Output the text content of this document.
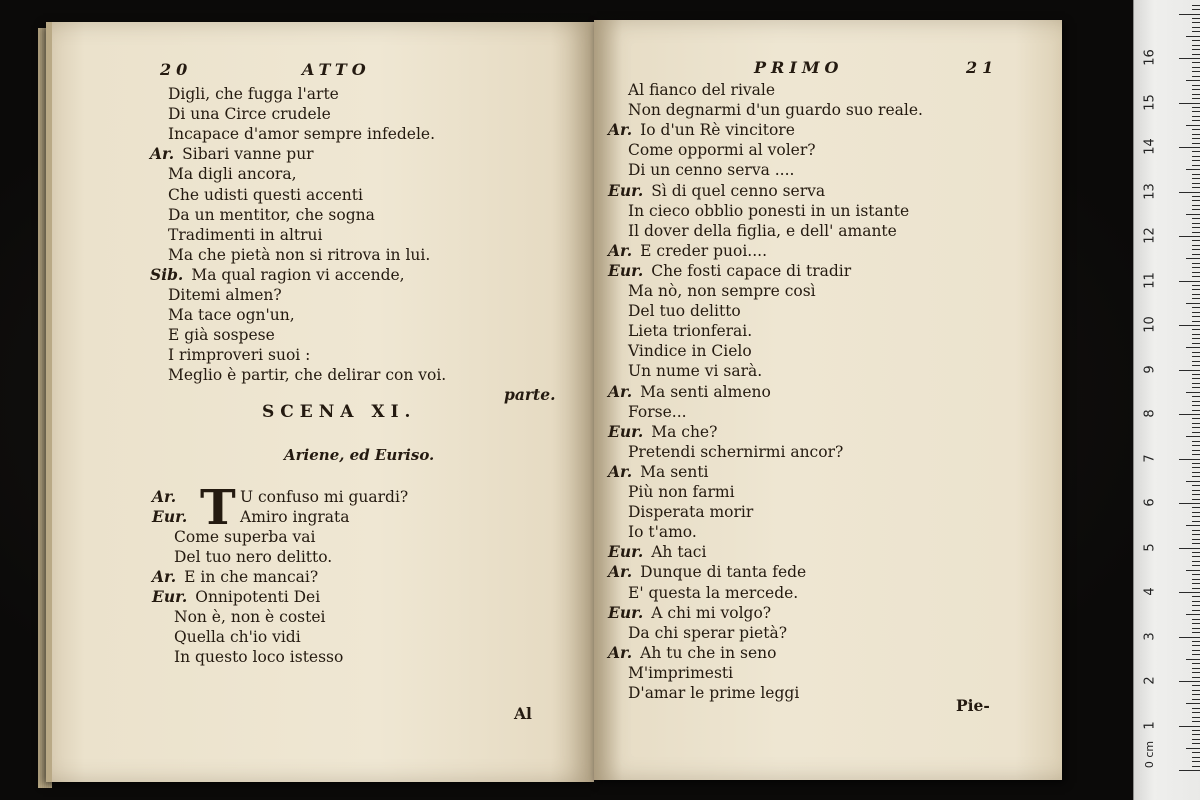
20	ATTO
Digli, che fugga l'arte
Di una Circe crudele
Incapace d'amor sempre infedele.
Ar. Sibari vanne pur
Ma digli ancora,
Che udisti questi accenti
Da un mentitor, che sogna
Tradimenti in altrui
Ma che pietà non si ritrova in lui.
Sib. Ma qual ragion vi accende,
Ditemi almen?
Ma tace ogn'un,
E già sospese
I rimproveri suoi :
Meglio è partir, che delirar con voi.
parte.
SCENA XI.
Ariene, ed Euriso.
T
Ar.	U confuso mi guardi?
Eur.	Amiro ingrata
Come superba vai
Del tuo nero delitto.
Ar. E in che mancai?
Eur. Onnipotenti Dei
Non è, non è costei
Quella ch'io vidi
In questo loco istesso
Al
PRIMO	21
Al fianco del rivale
Non degnarmi d'un guardo suo reale.
Ar. Io d'un Rè vincitore
Come oppormi al voler?
Di un cenno serva ....
Eur. Sì di quel cenno serva
In cieco obblio ponesti in un istante
Il dover della figlia, e dell' amante
Ar. E creder puoi....
Eur. Che fosti capace di tradir
Ma nò, non sempre così
Del tuo delitto
Lieta trionferai.
Vindice in Cielo
Un nume vi sarà.
Ar. Ma senti almeno
Forse...
Eur. Ma che?
Pretendi schernirmi ancor?
Ar. Ma senti
Più non farmi
Disperata morir
Io t'amo.
Eur. Ah taci
Ar. Dunque di tanta fede
E' questa la mercede.
Eur. A chi mi volgo?
Da chi sperar pietà?
Ar. Ah tu che in seno
M'imprimesti
D'amar le prime leggi
Pie-
1
2
3
4
5
6
7
8
9
10
11
12
13
14
15
16
0 cm
